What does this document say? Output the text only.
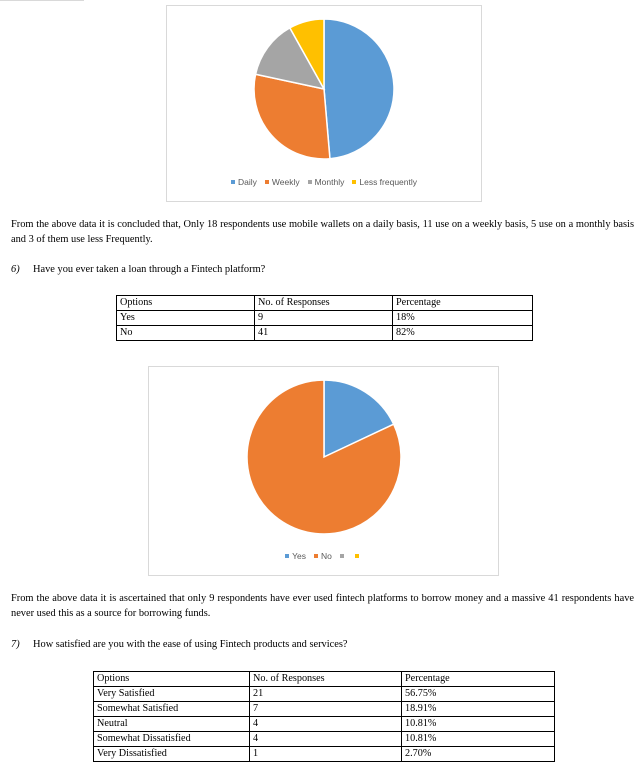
Daily Weekly Monthly Less frequently
From the above data it is concluded that, Only 18 respondents use mobile wallets on a daily basis, 11 use on a weekly basis, 5 use on a monthly basis and 3 of them use less Frequently.
6) Have you ever taken a loan through a Fintech platform?
Options	No. of Responses	Percentage
Yes	9	18%
No	41	82%
Yes No
From the above data it is ascertained that only 9 respondents have ever used fintech platforms to borrow money and a massive 41 respondents have never used this as a source for borrowing funds.
7) How satisfied are you with the ease of using Fintech products and services?
Options	No. of Responses	Percentage
Very Satisfied	21	56.75%
Somewhat Satisfied	7	18.91%
Neutral	4	10.81%
Somewhat Dissatisfied	4	10.81%
Very Dissatisfied	1	2.70%
